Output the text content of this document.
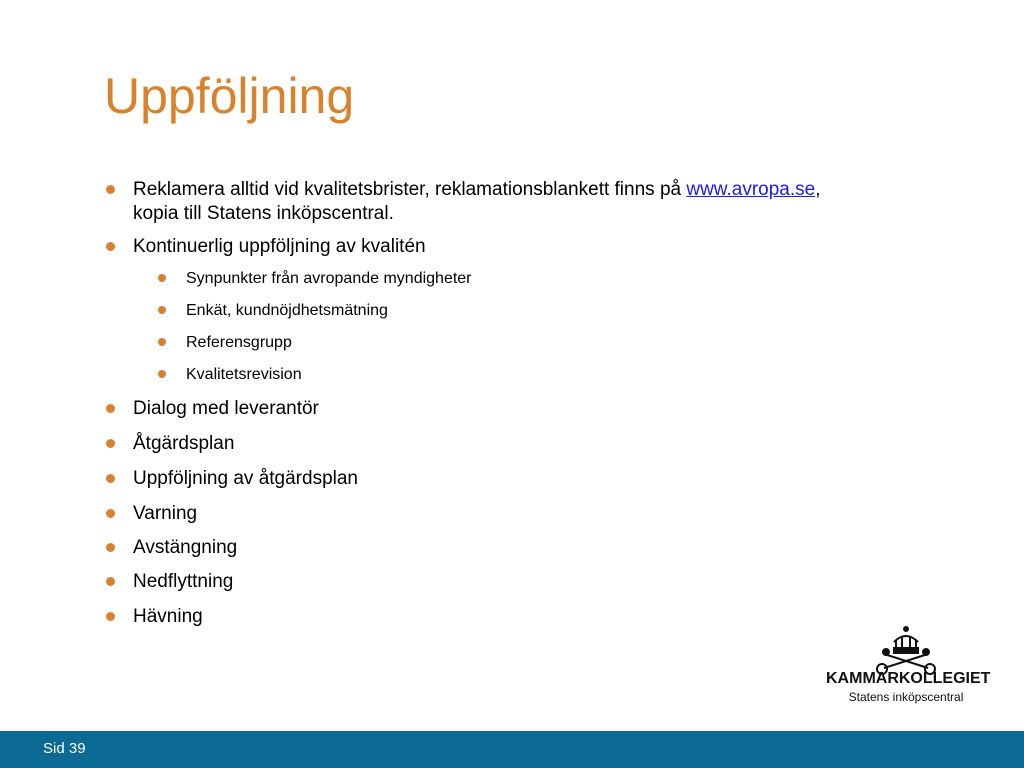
Uppföljning
Reklamera alltid vid kvalitetsbrister, reklamationsblankett finns på www.avropa.se,
kopia till Statens inköpscentral.
Kontinuerlig uppföljning av kvalitén
Synpunkter från avropande myndigheter
Enkät, kundnöjdhetsmätning
Referensgrupp
Kvalitetsrevision
Dialog med leverantör
Åtgärdsplan
Uppföljning av åtgärdsplan
Varning
Avstängning
Nedflyttning
Hävning
KAMMARKOLLEGIET
Statens inköpscentral
Sid 39
